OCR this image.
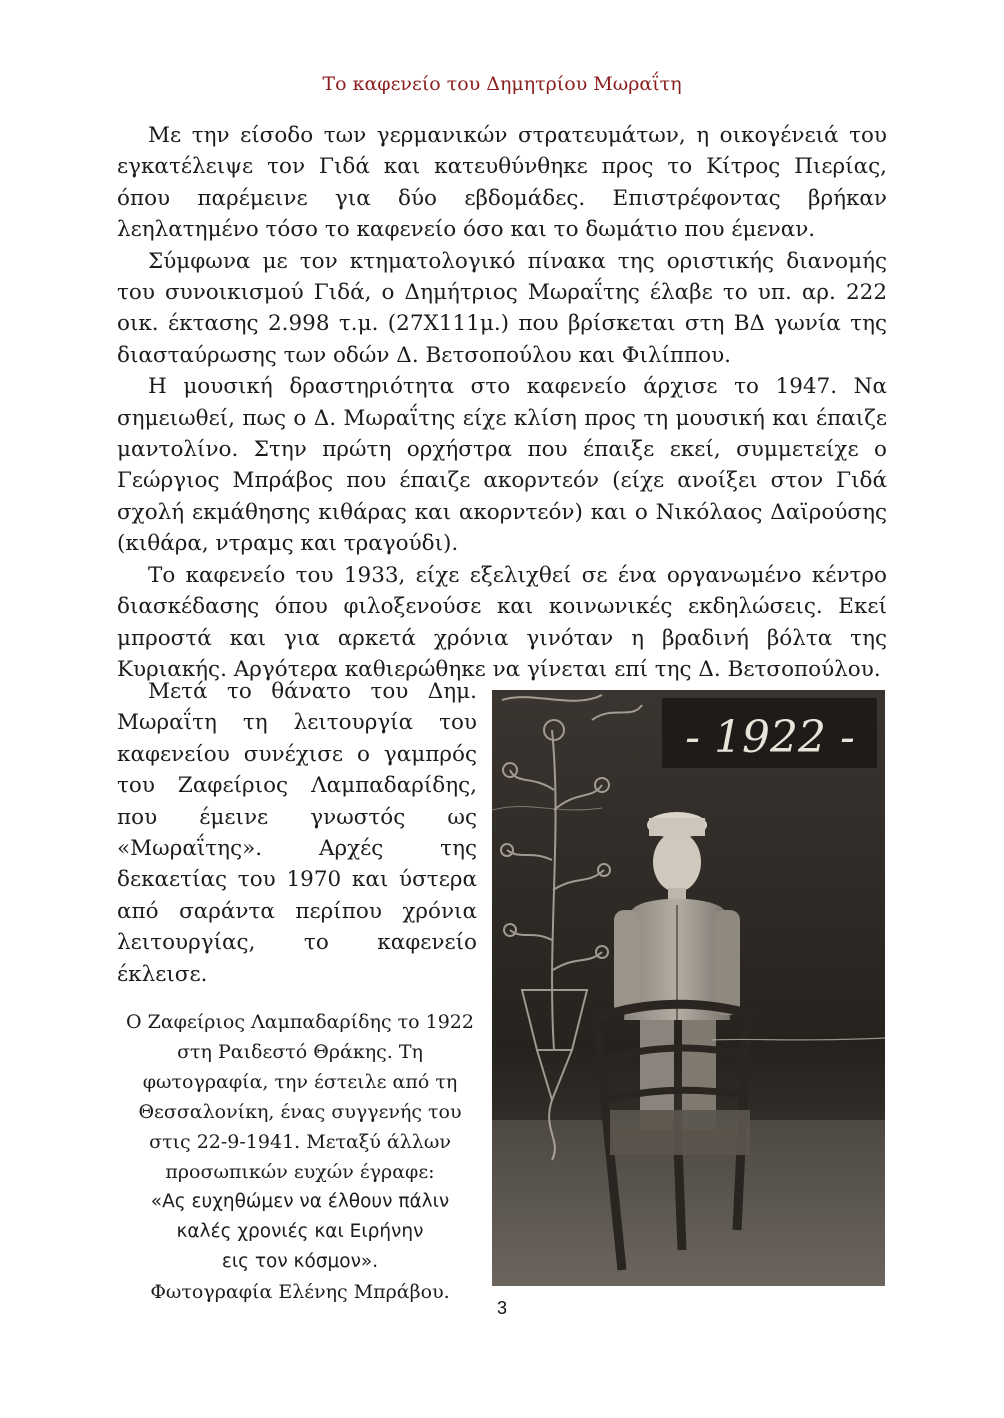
Το καφενείο του Δημητρίου Μωραΐτη

Με την είσοδο των γερμανικών στρατευμάτων, η οικογένειά του εγκατέλειψε τον Γιδά και κατευθύνθηκε προς το Κίτρος Πιερίας, όπου παρέμεινε για δύο εβδομάδες. Επιστρέφοντας βρήκαν λεηλατημένο τόσο το καφενείο όσο και το δωμάτιο που έμεναν.

Σύμφωνα με τον κτηματολογικό πίνακα της οριστικής διανομής του συνοικισμού Γιδά, ο Δημήτριος Μωραΐτης έλαβε το υπ. αρ. 222 οικ. έκτασης 2.998 τ.μ. (27Χ111μ.) που βρίσκεται στη ΒΔ γωνία της διασταύρωσης των οδών Δ. Βετσοπούλου και Φιλίππου.

Η μουσική δραστηριότητα στο καφενείο άρχισε το 1947. Να σημειωθεί, πως ο Δ. Μωραΐτης είχε κλίση προς τη μουσική και έπαιζε μαντολίνο. Στην πρώτη ορχήστρα που έπαιξε εκεί, συμμετείχε ο Γεώργιος Μπράβος που έπαιζε ακορντεόν (είχε ανοίξει στον Γιδά σχολή εκμάθησης κιθάρας και ακορντεόν) και ο Νικόλαος Δαϊρούσης (κιθάρα, ντραμς και τραγούδι).

Το καφενείο του 1933, είχε εξελιχθεί σε ένα οργανωμένο κέντρο διασκέδασης όπου φιλοξενούσε και κοινωνικές εκδηλώσεις. Εκεί μπροστά και για αρκετά χρόνια γινόταν η βραδινή βόλτα της Κυριακής. Αργότερα καθιερώθηκε να γίνεται επί της Δ. Βετσοπούλου.

Μετά το θάνατο του Δημ. Μωραΐτη τη λειτουργία του καφενείου συνέχισε ο γαμπρός του Ζαφείριος Λαμπαδαρίδης, που έμεινε γνωστός ως «Μωραΐτης». Αρχές της δεκαετίας του 1970 και ύστερα από σαράντα περίπου χρόνια λειτουργίας, το καφενείο έκλεισε.

Ο Ζαφείριος Λαμπαδαρίδης το 1922 στη Ραιδεστό Θράκης. Τη φωτογραφία, την έστειλε από τη Θεσσαλονίκη, ένας συγγενής του στις 22-9-1941. Μεταξύ άλλων προσωπικών ευχών έγραφε:
«Ας ευχηθώμεν να έλθουν πάλιν
καλές χρονιές και Ειρήνην
εις τον κόσμον».
Φωτογραφία Ελένης Μπράβου.
- 1922 -
3
